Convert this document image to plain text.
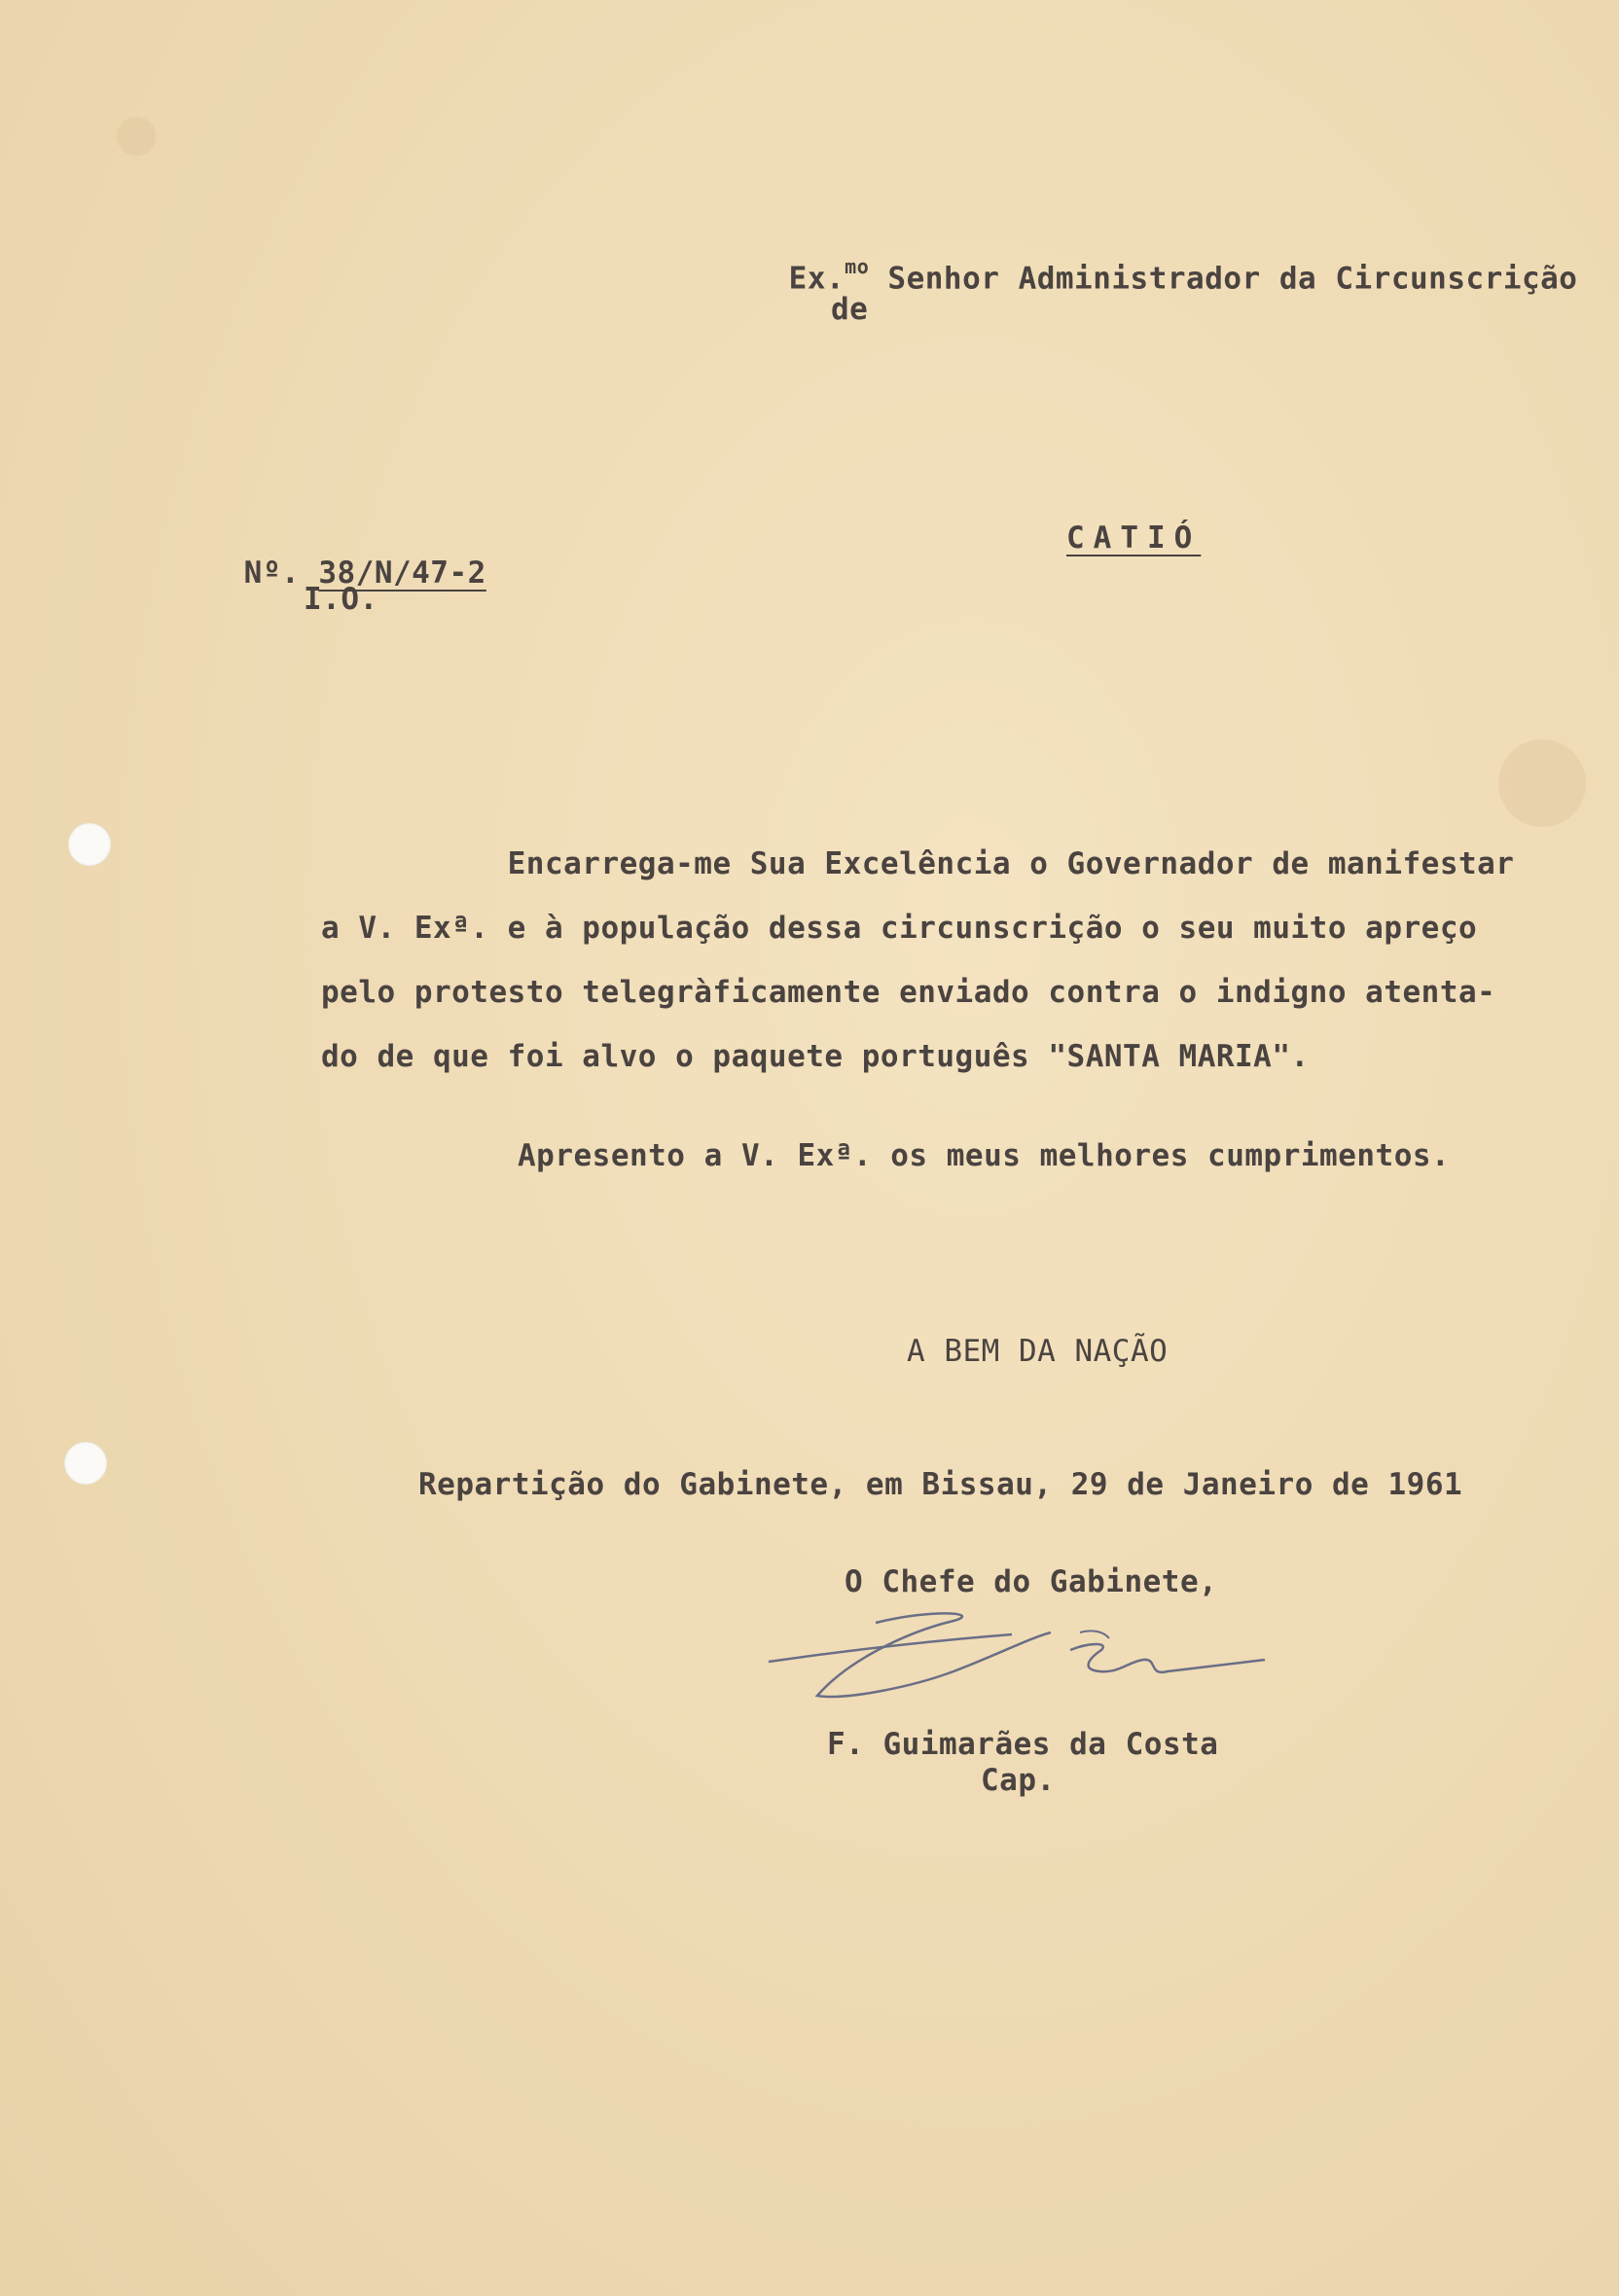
Ex.$^{mo}$ Senhor Administrador da Circunscrição

de

Nº. 38/N/47-2

I.O.
CATIÓ
Encarrega-me Sua Excelência o Governador de manifestar
a V. Exª. e à população dessa circunscrição o seu muito apreço
pelo protesto telegràficamente enviado contra o indigno atenta-
do de que foi alvo o paquete português "SANTA MARIA".
Apresento a V. Exª. os meus melhores cumprimentos.
A BEM DA NAÇÃO
Repartição do Gabinete, em Bissau, 29 de Janeiro de 1961
O Chefe do Gabinete,
F. Guimarães da Costa
Cap.
